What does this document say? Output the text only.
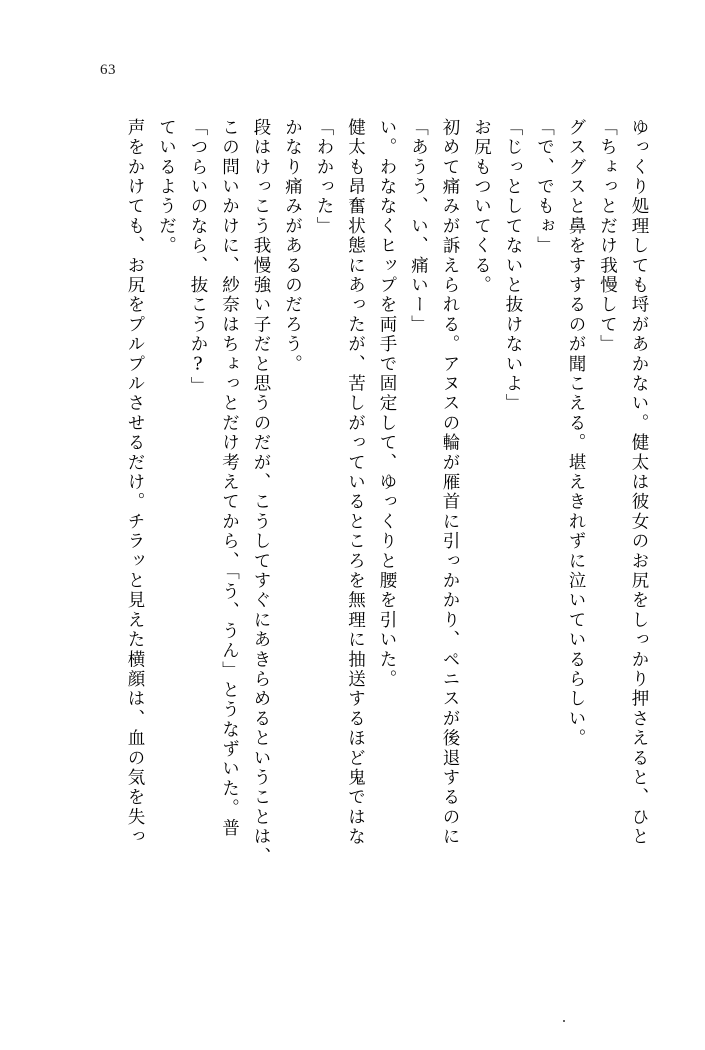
63
声をかけても、お尻をプルプルさせるだけ。チラッと見えた横顔は、血の気を失っ ているようだ。 「つらいのなら、抜こうか?」 この問いかけに、紗奈はちょっとだけ考えてから、「う、うん」とうなずいた。普 段はけっこう我慢強い子だと思うのだが、こうしてすぐにあきらめるということは、 かなり痛みがあるのだろう。 「わかった」 健太も昂奮状態にあったが、苦しがっているところを無理に抽送するほど鬼ではな い。わななくヒップを両手で固定して、ゆっくりと腰を引いた。 「あうう、い、痛いー」 初めて痛みが訴えられる。アヌスの輪が雁首に引っかかり、ペニスが後退するのに お尻もついてくる。 「じっとしてないと抜けないよ」 「で、でもぉ」 グスグスと鼻をすするのが聞こえる。堪えきれずに泣いているらしい。 「ちょっとだけ我慢して」 ゆっくり処理しても埒があかない。健太は彼女のお尻をしっかり押さえると、ひと
